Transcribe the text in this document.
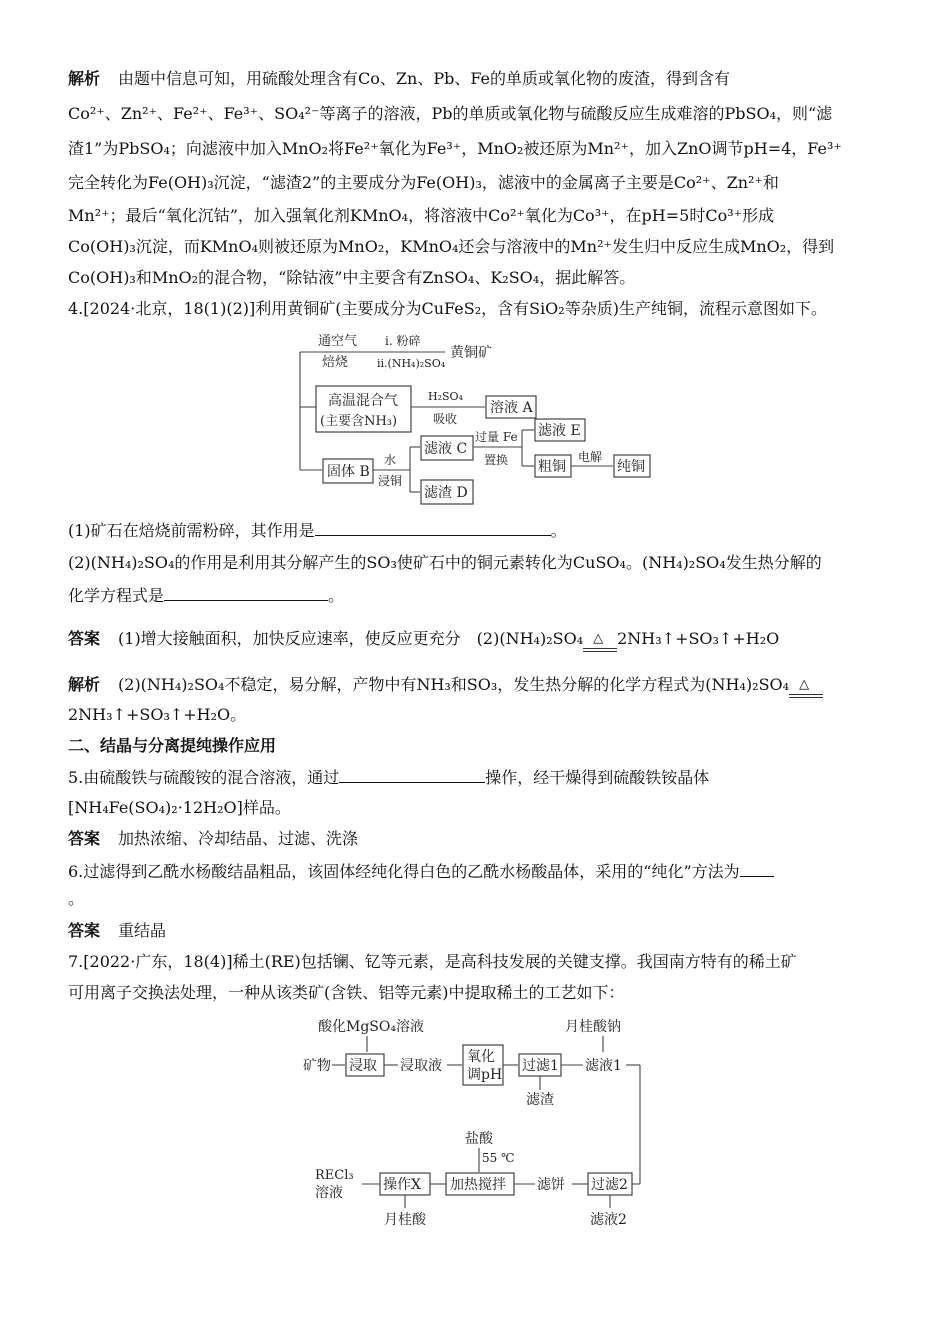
解析 由题中信息可知，用硫酸处理含有Co、Zn、Pb、Fe的单质或氧化物的废渣，得到含有
Co²⁺、Zn²⁺、Fe²⁺、Fe³⁺、SO₄²⁻等离子的溶液，Pb的单质或氧化物与硫酸反应生成难溶的PbSO₄，则“滤
渣1”为PbSO₄；向滤液中加入MnO₂将Fe²⁺氧化为Fe³⁺，MnO₂被还原为Mn²⁺，加入ZnO调节pH=4，Fe³⁺
完全转化为Fe(OH)₃沉淀，“滤渣2”的主要成分为Fe(OH)₃，滤液中的金属离子主要是Co²⁺、Zn²⁺和
Mn²⁺；最后“氧化沉钴”，加入强氧化剂KMnO₄，将溶液中Co²⁺氧化为Co³⁺，在pH=5时Co³⁺形成
Co(OH)₃沉淀，而KMnO₄则被还原为MnO₂，KMnO₄还会与溶液中的Mn²⁺发生归中反应生成MnO₂，得到
Co(OH)₃和MnO₂的混合物，“除钴液”中主要含有ZnSO₄、K₂SO₄，据此解答。
4.[2024·北京，18(1)(2)]利用黄铜矿(主要成分为CuFeS₂，含有SiO₂等杂质)生产纯铜，流程示意图如下。
通空气
焙烧
ⅰ. 粉碎
ⅱ.(NH₄)₂SO₄
黄铜矿
高温混合气
(主要含NH₃)
H₂SO₄
吸收
溶液 A
固体 B
水
浸铜
滤液 C
滤渣 D
过量 Fe
置换
滤液 E
粗铜
电解
纯铜
酸化MgSO₄溶液	月桂酸钠
矿物 浸取 浸取液
氧化
调pH
过滤1 滤液1
滤渣
盐酸
55 ℃
过滤2
滤饼
加热搅拌
操作X
RECl₃
溶液
月桂酸	滤液2
(1)矿石在焙烧前需粉碎，其作用是	。
(2)(NH₄)₂SO₄的作用是利用其分解产生的SO₃使矿石中的铜元素转化为CuSO₄。(NH₄)₂SO₄发生热分解的
化学方程式是	。
答案 (1)增大接触面积，加快反应速率，使反应更充分　(2)(NH₄)₂SO₄ △ 2NH₃↑+SO₃↑+H₂O
解析 (2)(NH₄)₂SO₄不稳定，易分解，产物中有NH₃和SO₃，发生热分解的化学方程式为(NH₄)₂SO₄ △
2NH₃↑+SO₃↑+H₂O。
二、结晶与分离提纯操作应用
5.由硫酸铁与硫酸铵的混合溶液，通过	操作，经干燥得到硫酸铁铵晶体
[NH₄Fe(SO₄)₂·12H₂O]样品。
答案 加热浓缩、冷却结晶、过滤、洗涤
6.过滤得到乙酰水杨酸结晶粗品，该固体经纯化得白色的乙酰水杨酸晶体，采用的“纯化”方法为
。
答案 重结晶
7.[2022·广东，18(4)]稀土(RE)包括镧、钇等元素，是高科技发展的关键支撑。我国南方特有的稀土矿
可用离子交换法处理，一种从该类矿(含铁、铝等元素)中提取稀土的工艺如下：
